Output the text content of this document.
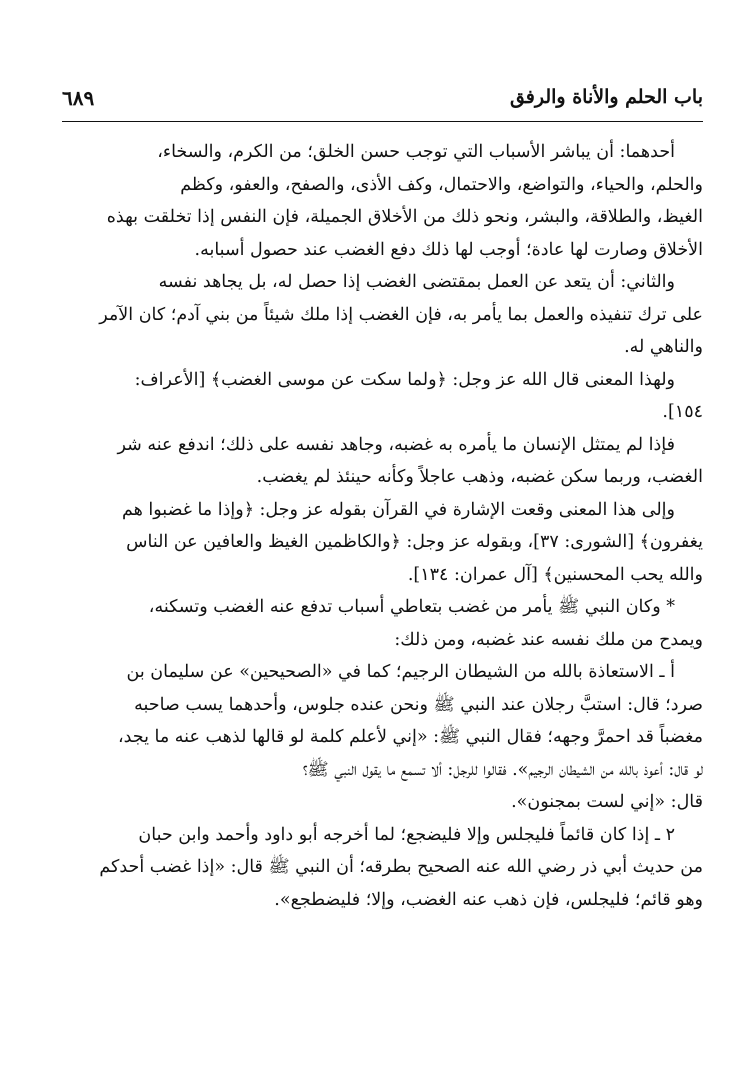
باب الحلم والأناة والرفق
٦٨٩
أحدهما: أن يباشر الأسباب التي توجب حسن الخلق؛ من الكرم، والسخاء،
والحلم، والحياء، والتواضع، والاحتمال، وكف الأذى، والصفح، والعفو، وكظم
الغيظ، والطلاقة، والبشر، ونحو ذلك من الأخلاق الجميلة، فإن النفس إذا تخلقت بهذه
الأخلاق وصارت لها عادة؛ أوجب لها ذلك دفع الغضب عند حصول أسبابه.
والثاني: أن يتعد عن العمل بمقتضى الغضب إذا حصل له، بل يجاهد نفسه
على ترك تنفيذه والعمل بما يأمر به، فإن الغضب إذا ملك شيئاً من بني آدم؛ كان الآمر
والناهي له.
ولهذا المعنى قال الله عز وجل: ﴿ولما سكت عن موسى الغضب﴾ [الأعراف:
١٥٤].
فإذا لم يمتثل الإنسان ما يأمره به غضبه، وجاهد نفسه على ذلك؛ اندفع عنه شر
الغضب، وربما سكن غضبه، وذهب عاجلاً وكأنه حينئذ لم يغضب.
وإلى هذا المعنى وقعت الإشارة في القرآن بقوله عز وجل: ﴿وإذا ما غضبوا هم
يغفرون﴾ [الشورى: ٣٧]، وبقوله عز وجل: ﴿والكاظمين الغيظ والعافين عن الناس
والله يحب المحسنين﴾ [آل عمران: ١٣٤].
* وكان النبي ﷺ يأمر من غضب بتعاطي أسباب تدفع عنه الغضب وتسكنه،
ويمدح من ملك نفسه عند غضبه، ومن ذلك:
أ ـ الاستعاذة بالله من الشيطان الرجيم؛ كما في «الصحيحين» عن سليمان بن
صرد؛ قال: استبَّ رجلان عند النبي ﷺ ونحن عنده جلوس، وأحدهما يسب صاحبه
مغضباً قد احمرَّ وجهه؛ فقال النبي ﷺ: «إني لأعلم كلمة لو قالها لذهب عنه ما يجد،
لو قال: أعوذ بالله من الشيطان الرجيم». فقالوا للرجل: ألا تسمع ما يقول النبي ﷺ؟
قال: «إني لست بمجنون».
٢ ـ إذا كان قائماً فليجلس وإلا فليضجع؛ لما أخرجه أبو داود وأحمد وابن حبان
من حديث أبي ذر رضي الله عنه الصحيح بطرقه؛ أن النبي ﷺ قال: «إذا غضب أحدكم
وهو قائم؛ فليجلس، فإن ذهب عنه الغضب، وإلا؛ فليضطجع».
